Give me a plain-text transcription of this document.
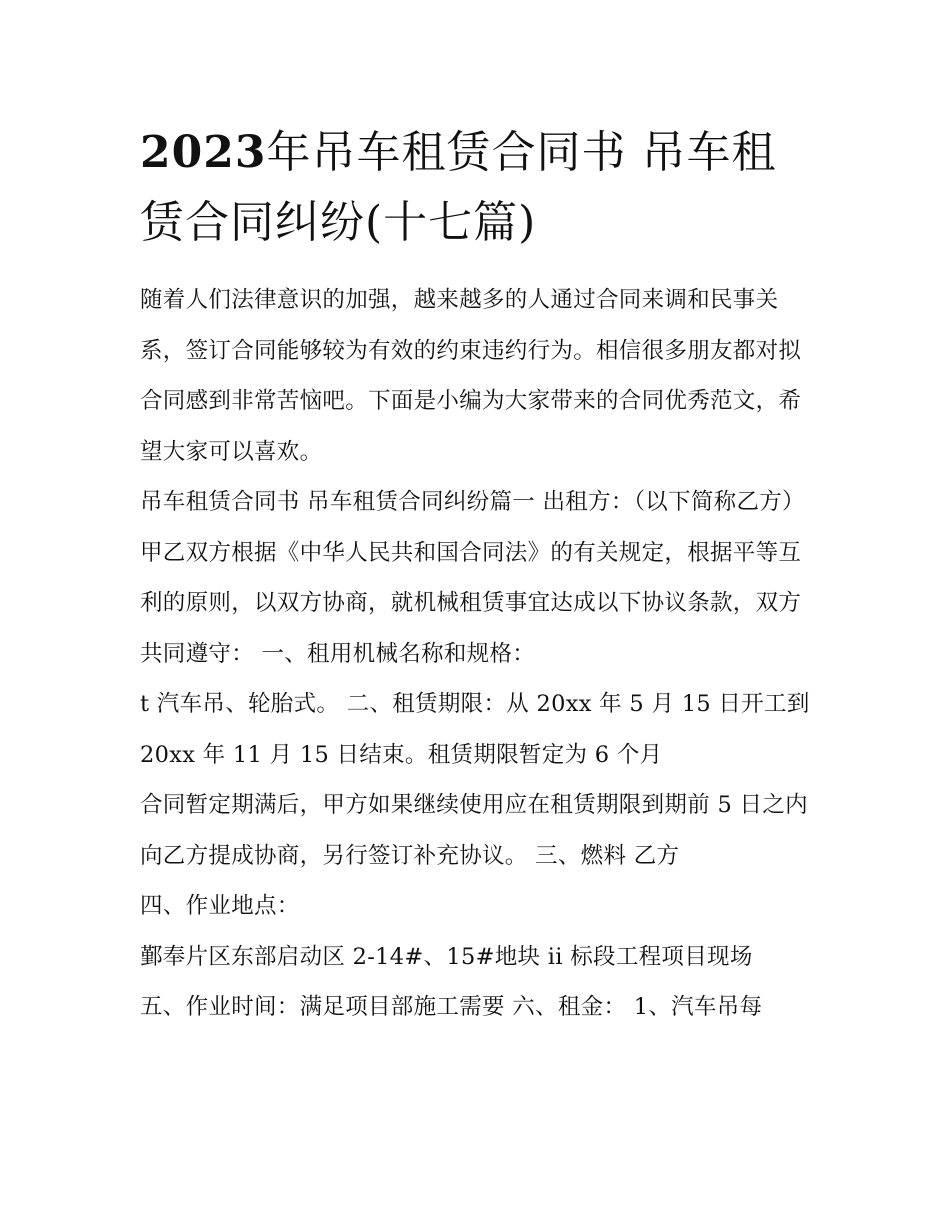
2023年吊车租赁合同书 吊车租赁合同纠纷(十七篇)

随着人们法律意识的加强，越来越多的人通过合同来调和民事关系，签订合同能够较为有效的约束违约行为。相信很多朋友都对拟合同感到非常苦恼吧。下面是小编为大家带来的合同优秀范文，希望大家可以喜欢。

吊车租赁合同书 吊车租赁合同纠纷篇一 出租方：（以下简称乙方）

甲乙双方根据《中华人民共和国合同法》的有关规定，根据平等互利的原则，以双方协商，就机械租赁事宜达成以下协议条款，双方共同遵守： 一、租用机械名称和规格：

t 汽车吊、轮胎式。 二、租赁期限：从 20xx 年 5 月 15 日开工到 20xx 年 11 月 15 日结束。租赁期限暂定为 6 个月

合同暂定期满后，甲方如果继续使用应在租赁期限到期前 5 日之内向乙方提成协商，另行签订补充协议。 三、燃料 乙方

四、作业地点：

鄞奉片区东部启动区 2-14#、15#地块 ii 标段工程项目现场

五、作业时间：满足项目部施工需要 六、租金： 1、汽车吊每
